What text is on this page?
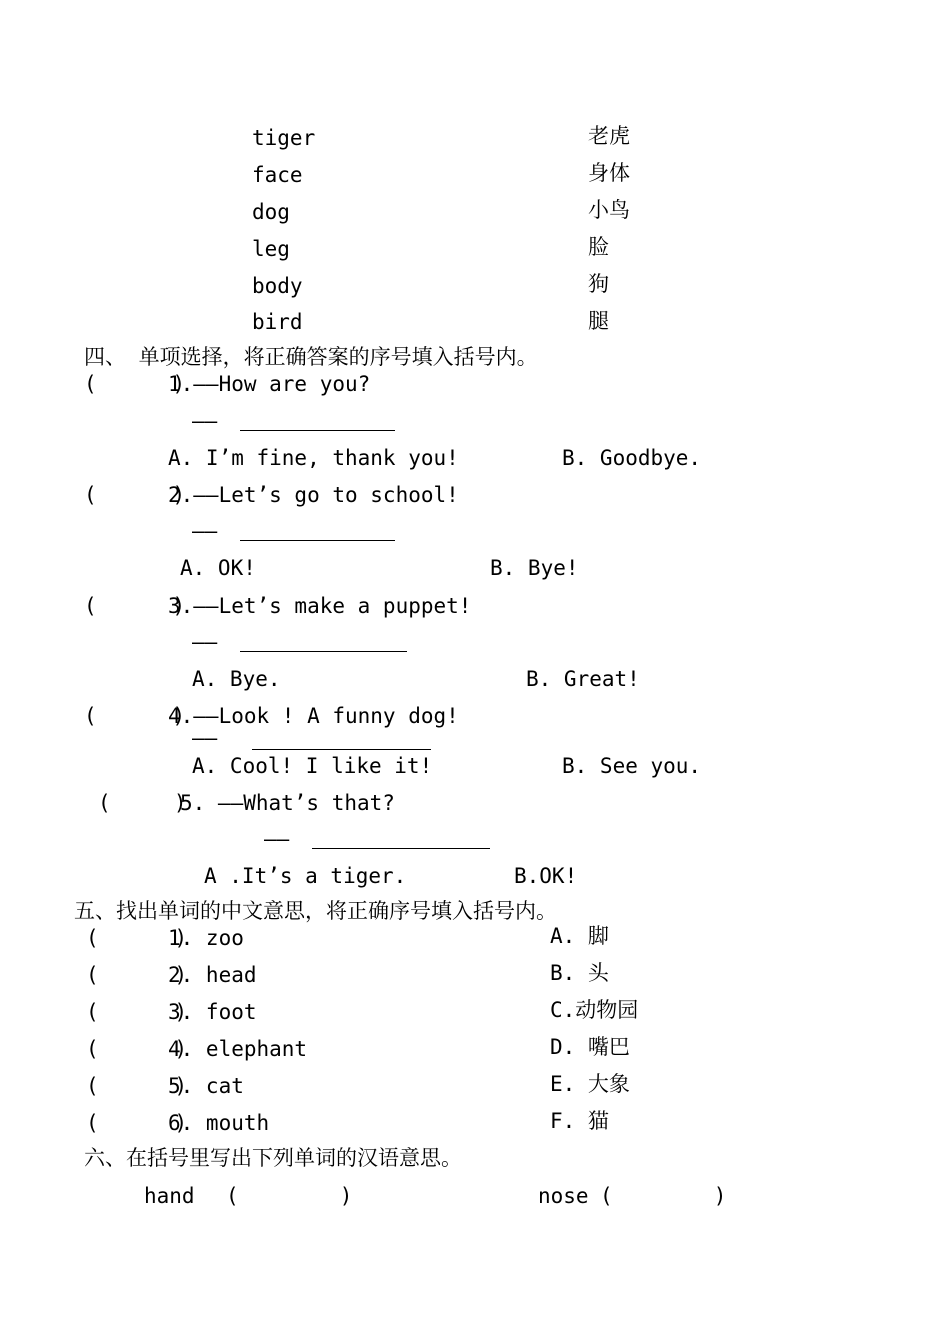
tiger	老虎
face	身体
dog	小鸟
leg	脸
body	狗
bird	腿
四、 单项选择，将正确答案的序号填入括号内。
(      )
1.——How are you?
——
A. I’m fine, thank you!	B. Goodbye.
(      )
2.——Let’s go to school!
——
A. OK!	B. Bye!
(      )
3.——Let’s make a puppet!
——
A. Bye.	B. Great!
(      )
4.——Look ! A funny dog!
——
A. Cool! I like it!	B. See you.
(     )
5. ——What’s that?
——
A .It’s a tiger.	B.OK!
五、找出单词的中文意思，将正确序号填入括号内。
(      )
1. zoo	A. 脚
(      )
2. head	B. 头
(      )
3. foot	C.动物园
(      )
4. elephant	D. 嘴巴
(      )
5. cat	E. 大象
(      )
6. mouth	F. 猫
六、在括号里写出下列单词的汉语意思。
hand (        )	nose (        )
